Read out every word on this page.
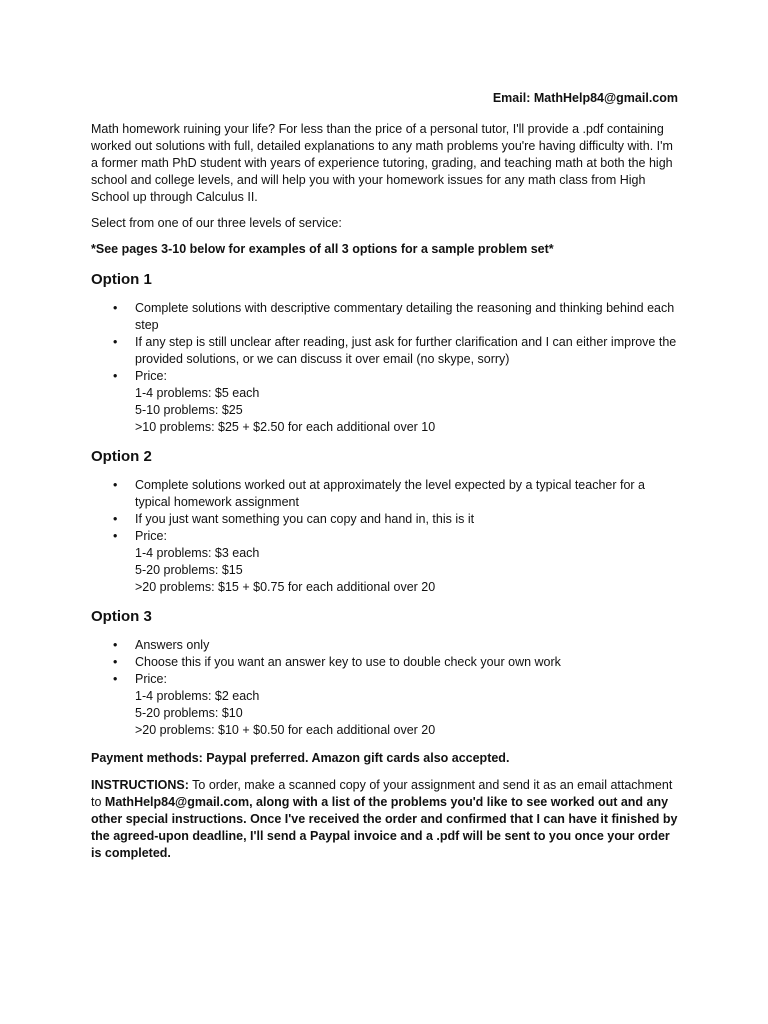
Email: MathHelp84@gmail.com

Math homework ruining your life? For less than the price of a personal tutor, I'll provide a .pdf containing worked out solutions with full, detailed explanations to any math problems you're having difficulty with. I'm a former math PhD student with years of experience tutoring, grading, and teaching math at both the high school and college levels, and will help you with your homework issues for any math class from High School up through Calculus II.

Select from one of our three levels of service:

*See pages 3-10 below for examples of all 3 options for a sample problem set*

Option 1
• Complete solutions with descriptive commentary detailing the reasoning and thinking behind each step
• If any step is still unclear after reading, just ask for further clarification and I can either improve the provided solutions, or we can discuss it over email (no skype, sorry)
• Price:
1-4 problems: $5 each
5-10 problems: $25
>10 problems: $25 + $2.50 for each additional over 10
Option 2
• Complete solutions worked out at approximately the level expected by a typical teacher for a typical homework assignment
• If you just want something you can copy and hand in, this is it
• Price:
1-4 problems: $3 each
5-20 problems: $15
>20 problems: $15 + $0.75 for each additional over 20
Option 3
• Answers only
• Choose this if you want an answer key to use to double check your own work
• Price:
1-4 problems: $2 each
5-20 problems: $10
>20 problems: $10 + $0.50 for each additional over 20

Payment methods: Paypal preferred. Amazon gift cards also accepted.

INSTRUCTIONS: To order, make a scanned copy of your assignment and send it as an email attachment to MathHelp84@gmail.com, along with a list of the problems you'd like to see worked out and any other special instructions. Once I've received the order and confirmed that I can have it finished by the agreed-upon deadline, I'll send a Paypal invoice and a .pdf will be sent to you once your order is completed.
